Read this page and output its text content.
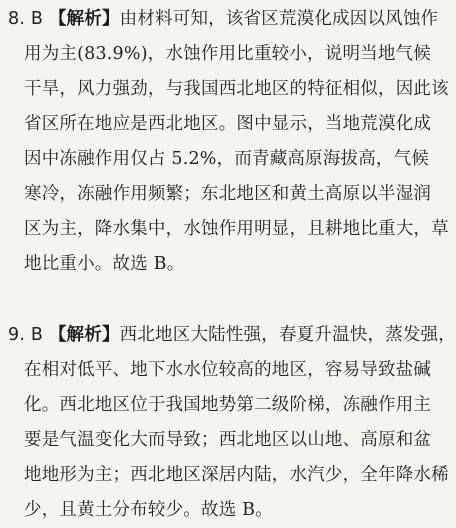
8. B 【解析】由材料可知，该省区荒漠化成因以风蚀作
用为主(83.9%)，水蚀作用比重较小，说明当地气候
干旱，风力强劲，与我国西北地区的特征相似，因此该
省区所在地应是西北地区。图中显示，当地荒漠化成
因中冻融作用仅占 5.2%，而青藏高原海拔高，气候
寒冷，冻融作用频繁；东北地区和黄土高原以半湿润
区为主，降水集中，水蚀作用明显，且耕地比重大，草
地比重小。故选 B。
9. B 【解析】西北地区大陆性强，春夏升温快，蒸发强，
在相对低平、地下水水位较高的地区，容易导致盐碱
化。西北地区位于我国地势第二级阶梯，冻融作用主
要是气温变化大而导致；西北地区以山地、高原和盆
地地形为主；西北地区深居内陆，水汽少，全年降水稀
少，且黄土分布较少。故选 B。
